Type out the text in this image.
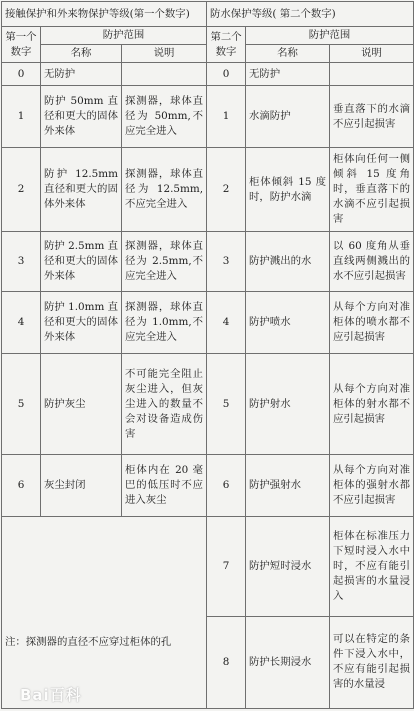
接触保护和外来物保护等级(第一个数字)			防水保护等级( 第二个数字)		
第一个数字	防护范围		第二个数字	防护范围	
	名称	说明		名称	说明
0	无防护		0	无防护	
1	防护 50mm 直径和更大的固体外来体	探测器，球体直径为 50mm,不应完全进入	1	水滴防护	垂直落下的水滴不应引起损害
2	防护 12.5mm 直径和更大的固体外来体	探测器，球体直径为 12.5mm,不应完全进入	2	柜体倾斜 15 度时，防护水滴	柜体向任何一侧倾斜 15 度角时，垂直落下的水滴不应引起损害
3	防护 2.5mm 直径和更大的固体外来体	探测器，球体直径为 2.5mm,不应完全进入	3	防护溅出的水	以 60 度角从垂直线两侧溅出的水不应引起损害
4	防护 1.0mm 直径和更大的固体外来体	探测器，球体直径为 1.0mm,不应完全进入	4	防护喷水	从每个方向对准柜体的喷水都不应引起损害
5	防护灰尘	不可能完全阻止灰尘进入，但灰尘进入的数量不会对设备造成伤害	5	防护射水	从每个方向对准柜体的射水都不应引起损害
6	灰尘封闭	柜体内在 20 毫巴的低压时不应进入灰尘	6	防护强射水	从每个方向对准柜体的强射水都不应引起损害

注：探测器的直径不应穿过柜体的孔			7	防护短时浸水	柜体在标准压力下短时浸入水中时，不应有能引起损害的水量浸入
			8	防护长期浸水	可以在特定的条件下浸入水中，不应有能引起损害的水量浸
Bai百科
